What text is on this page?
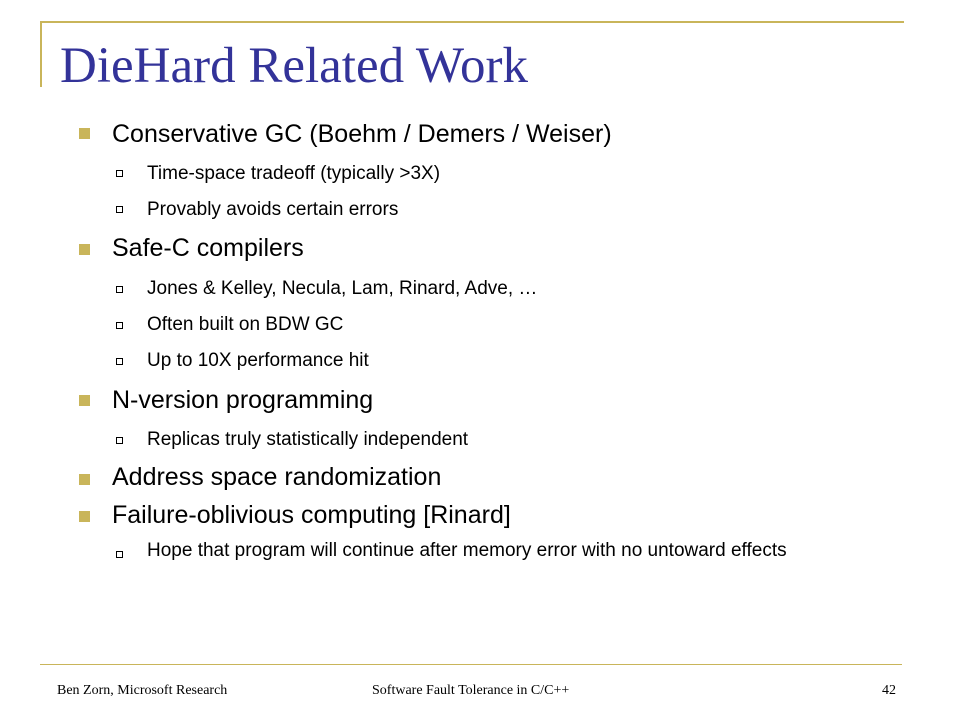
DieHard Related Work
Conservative GC (Boehm / Demers / Weiser)
Time-space tradeoff (typically >3X)
Provably avoids certain errors
Safe-C compilers
Jones & Kelley, Necula, Lam, Rinard, Adve, …
Often built on BDW GC
Up to 10X performance hit
N-version programming
Replicas truly statistically independent
Address space randomization
Failure-oblivious computing [Rinard]
Hope that program will continue after memory error with no untoward effects
Ben Zorn, Microsoft Research	Software Fault Tolerance in C/C++	42
